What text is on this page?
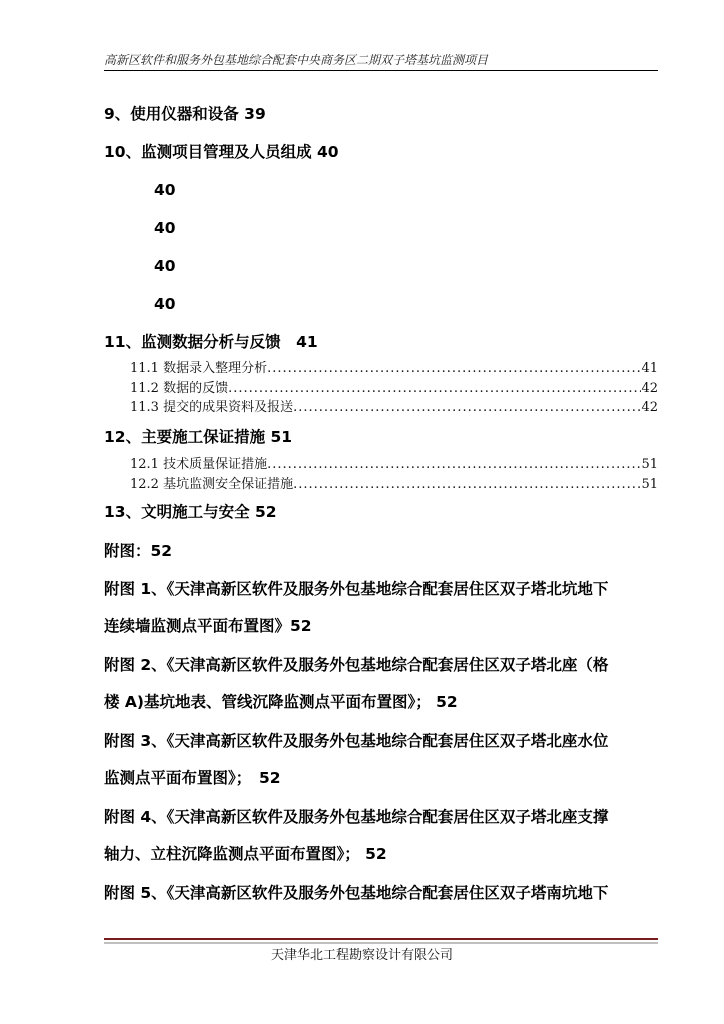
高新区软件和服务外包基地综合配套中央商务区二期双子塔基坑监测项目
9、使用仪器和设备 39
10、监测项目管理及人员组成 40
40
40
40
40
11、监测数据分析与反馈　41
11.1 数据录入整理分析 .....	41
11.2 数据的反馈 .....	42
11.3 提交的成果资料及报送 .....	42
12、主要施工保证措施 51
12.1 技术质量保证措施 .....	51
12.2 基坑监测安全保证措施 .....	51
13、文明施工与安全 52
附图：52
附图 1、《天津高新区软件及服务外包基地综合配套居住区双子塔北坑地下
连续墙监测点平面布置图》52
附图 2、《天津高新区软件及服务外包基地综合配套居住区双子塔北座（格
楼 A)基坑地表、管线沉降监测点平面布置图》； 52
附图 3、《天津高新区软件及服务外包基地综合配套居住区双子塔北座水位
监测点平面布置图》；　52
附图 4、《天津高新区软件及服务外包基地综合配套居住区双子塔北座支撑
轴力、立柱沉降监测点平面布置图》； 52
附图 5、《天津高新区软件及服务外包基地综合配套居住区双子塔南坑地下
天津华北工程勘察设计有限公司
